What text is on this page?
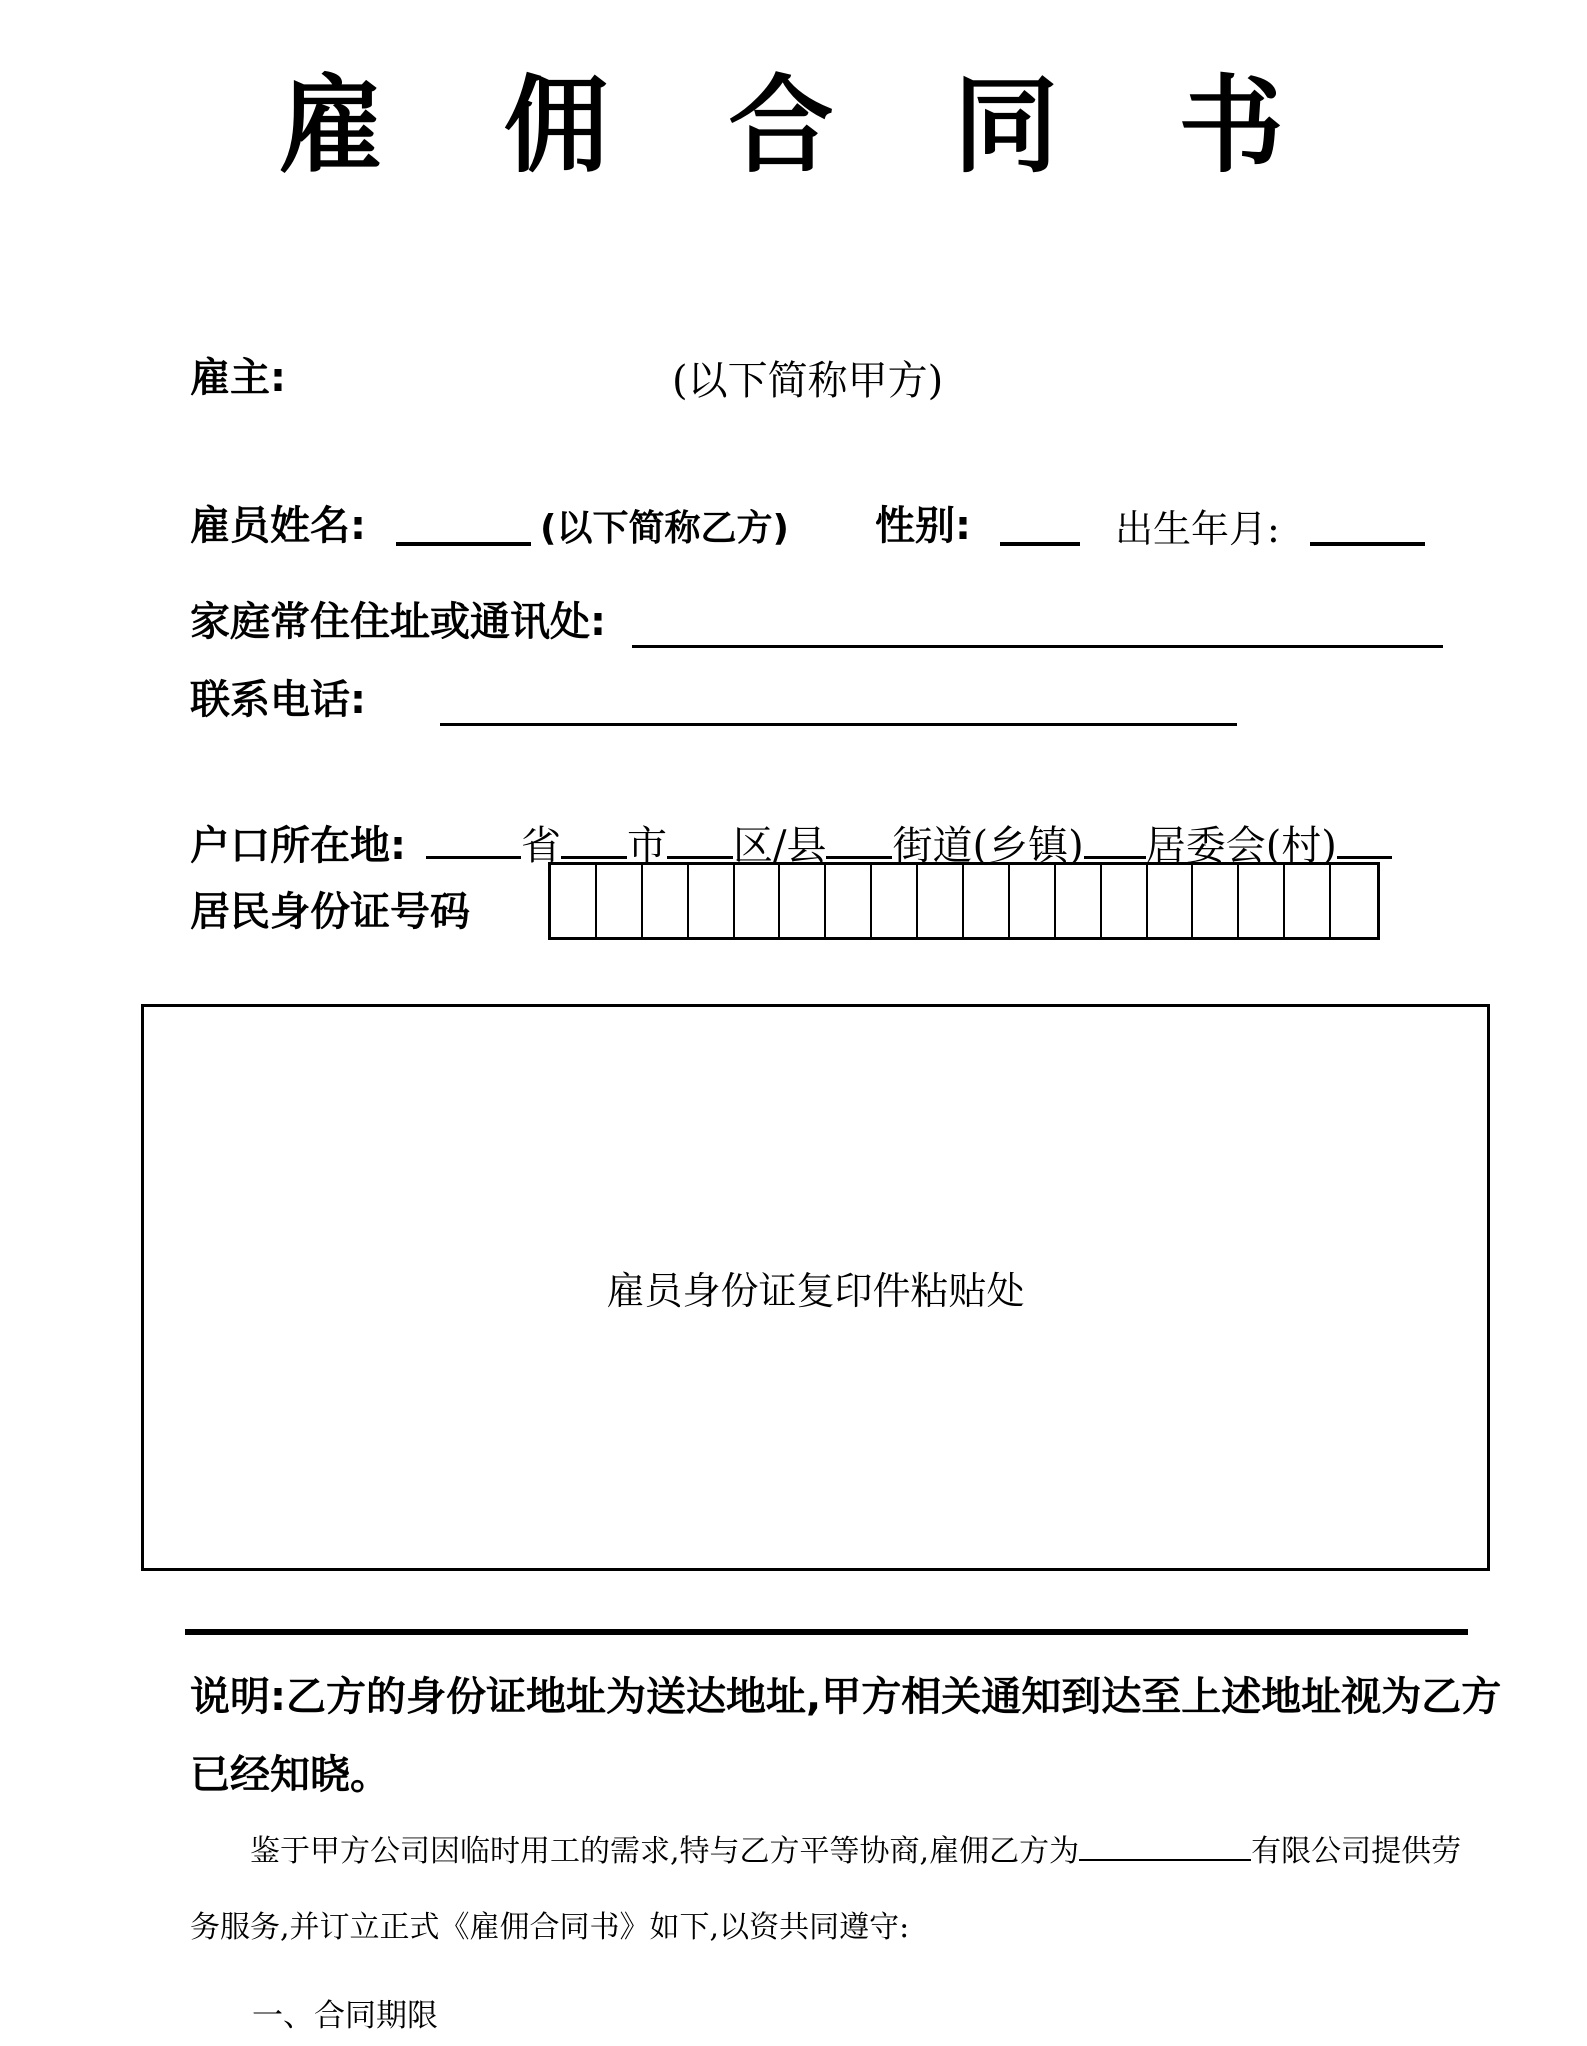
雇佣合同书
雇主:	(以下简称甲方)
雇员姓名:	(以下简称乙方) 性别:	出生年月:
家庭常住住址或通讯处:
联系电话:
户口所在地:	省 市 区/县 街道(乡镇) 居委会(村)
居民身份证号码
雇员身份证复印件粘贴处
说明:乙方的身份证地址为送达地址,甲方相关通知到达至上述地址视为乙方
已经知晓。
鉴于甲方公司因临时用工的需求,特与乙方平等协商,雇佣乙方为	有限公司提供劳
务服务,并订立正式《雇佣合同书》如下,以资共同遵守:
一、合同期限
